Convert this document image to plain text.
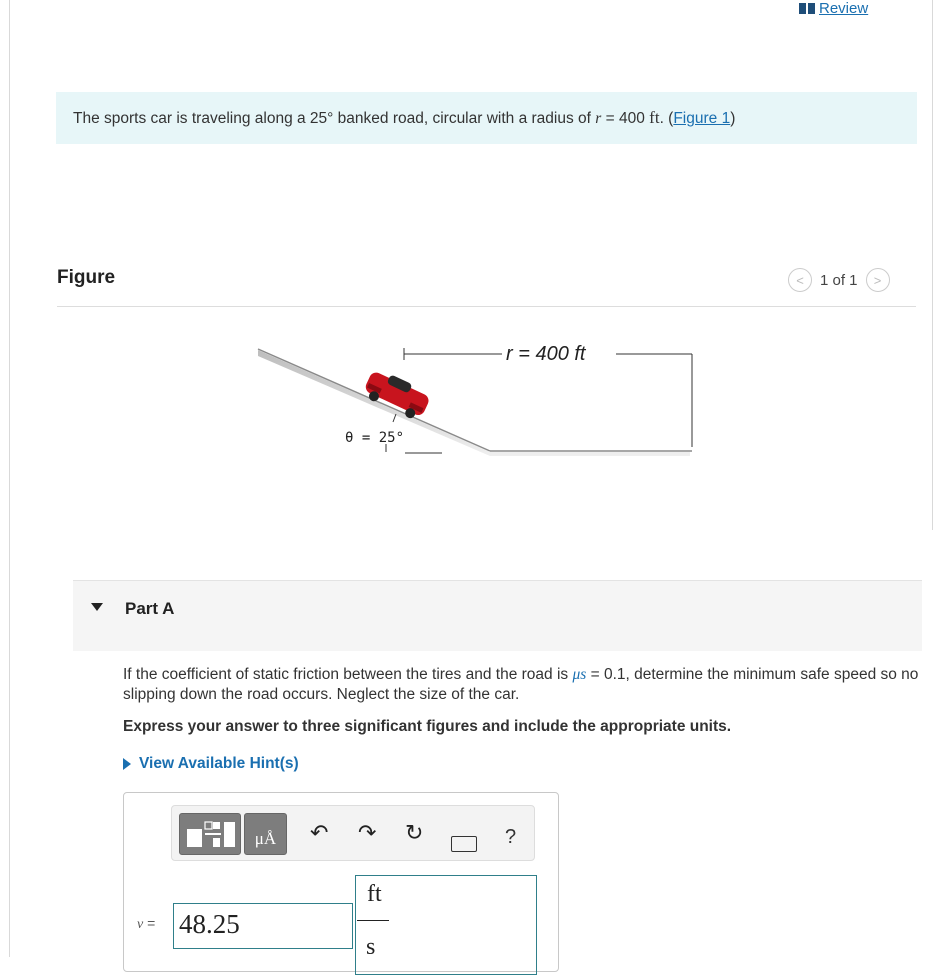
Review
The sports car is traveling along a 25° banked road, circular with a radius of r = 400 ft. (Figure 1)
Figure	<	1 of 1	>
r = 400 ft
θ = 25°
Part A
If the coefficient of static friction between the tires and the road is μs = 0.1, determine the minimum safe speed so no slipping down the road occurs. Neglect the size of the car.
Express your answer to three significant figures and include the appropriate units.
View Available Hint(s)
μÅ	↶ ↷ ↻	?
v = 48.25
ft
s
